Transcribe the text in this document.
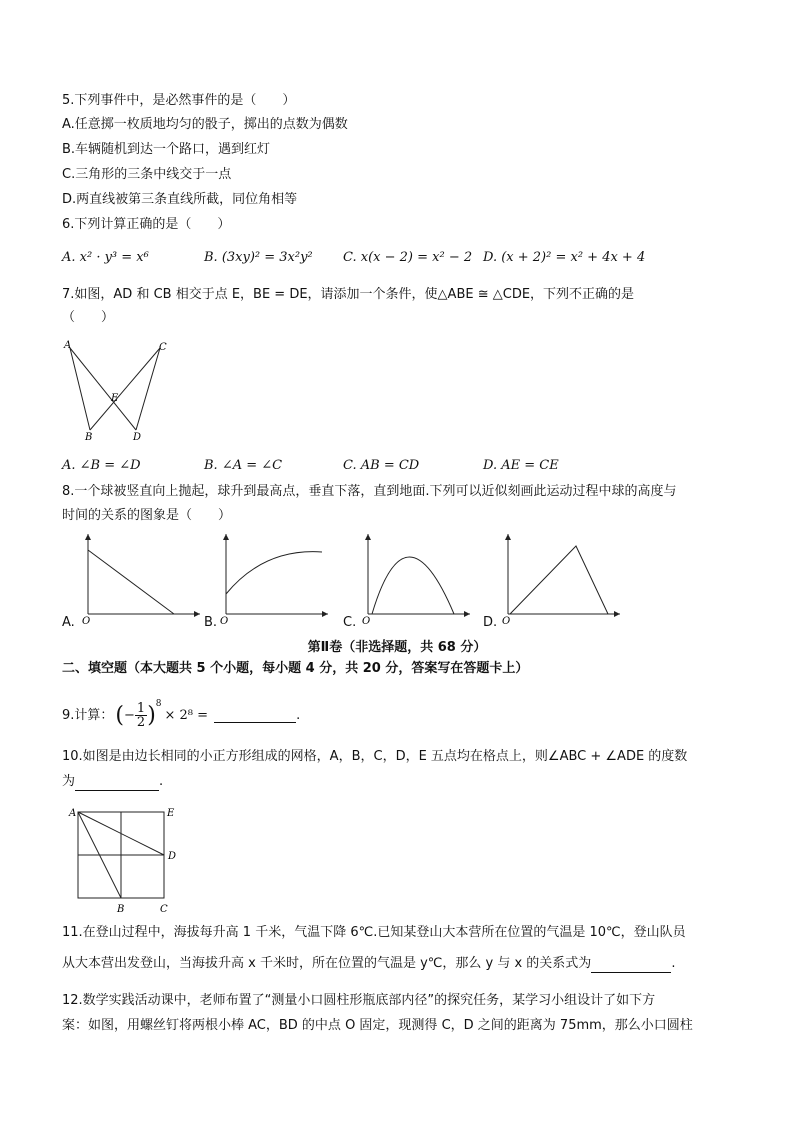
5.下列事件中，是必然事件的是（　　）
A.任意掷一枚质地均匀的骰子，掷出的点数为偶数
B.车辆随机到达一个路口，遇到红灯
C.三角形的三条中线交于一点
D.两直线被第三条直线所截，同位角相等
6.下列计算正确的是（　　）
A. x² · y³ = x⁶	B. (3xy)² = 3x²y² C. x(x − 2) = x² − 2 D. (x + 2)² = x² + 4x + 4
7.如图，AD 和 CB 相交于点 E，BE = DE，请添加一个条件，使△ABE ≅ △CDE，下列不正确的是
（　　）
A	C
E
B	D
A. ∠B = ∠D	B. ∠A = ∠C	C. AB = CD	D. AE = CE
8.一个球被竖直向上抛起，球升到最高点，垂直下落，直到地面.下列可以近似刻画此运动过程中球的高度与
时间的关系的图象是（　　）
A. O	B. O	C. O	D. O
第Ⅱ卷（非选择题，共 68 分）
二、填空题（本大题共 5 个小题，每小题 4 分，共 20 分，答案写在答题卡上）
9.计算： ( − $\frac{1}{2}$ ) 8
× 2⁸ =	.
10.如图是由边长相同的小正方形组成的网格，A，B，C，D，E 五点均在格点上，则∠ABC + ∠ADE 的度数
为	.
A	E
D
B	C
11.在登山过程中，海拔每升高 1 千米，气温下降 6℃.已知某登山大本营所在位置的气温是 10℃，登山队员
从大本营出发登山，当海拔升高 x 千米时，所在位置的气温是 y℃，那么 y 与 x 的关系式为	.
12.数学实践活动课中，老师布置了“测量小口圆柱形瓶底部内径”的探究任务，某学习小组设计了如下方
案：如图，用螺丝钉将两根小棒 AC，BD 的中点 O 固定，现测得 C，D 之间的距离为 75mm，那么小口圆柱
